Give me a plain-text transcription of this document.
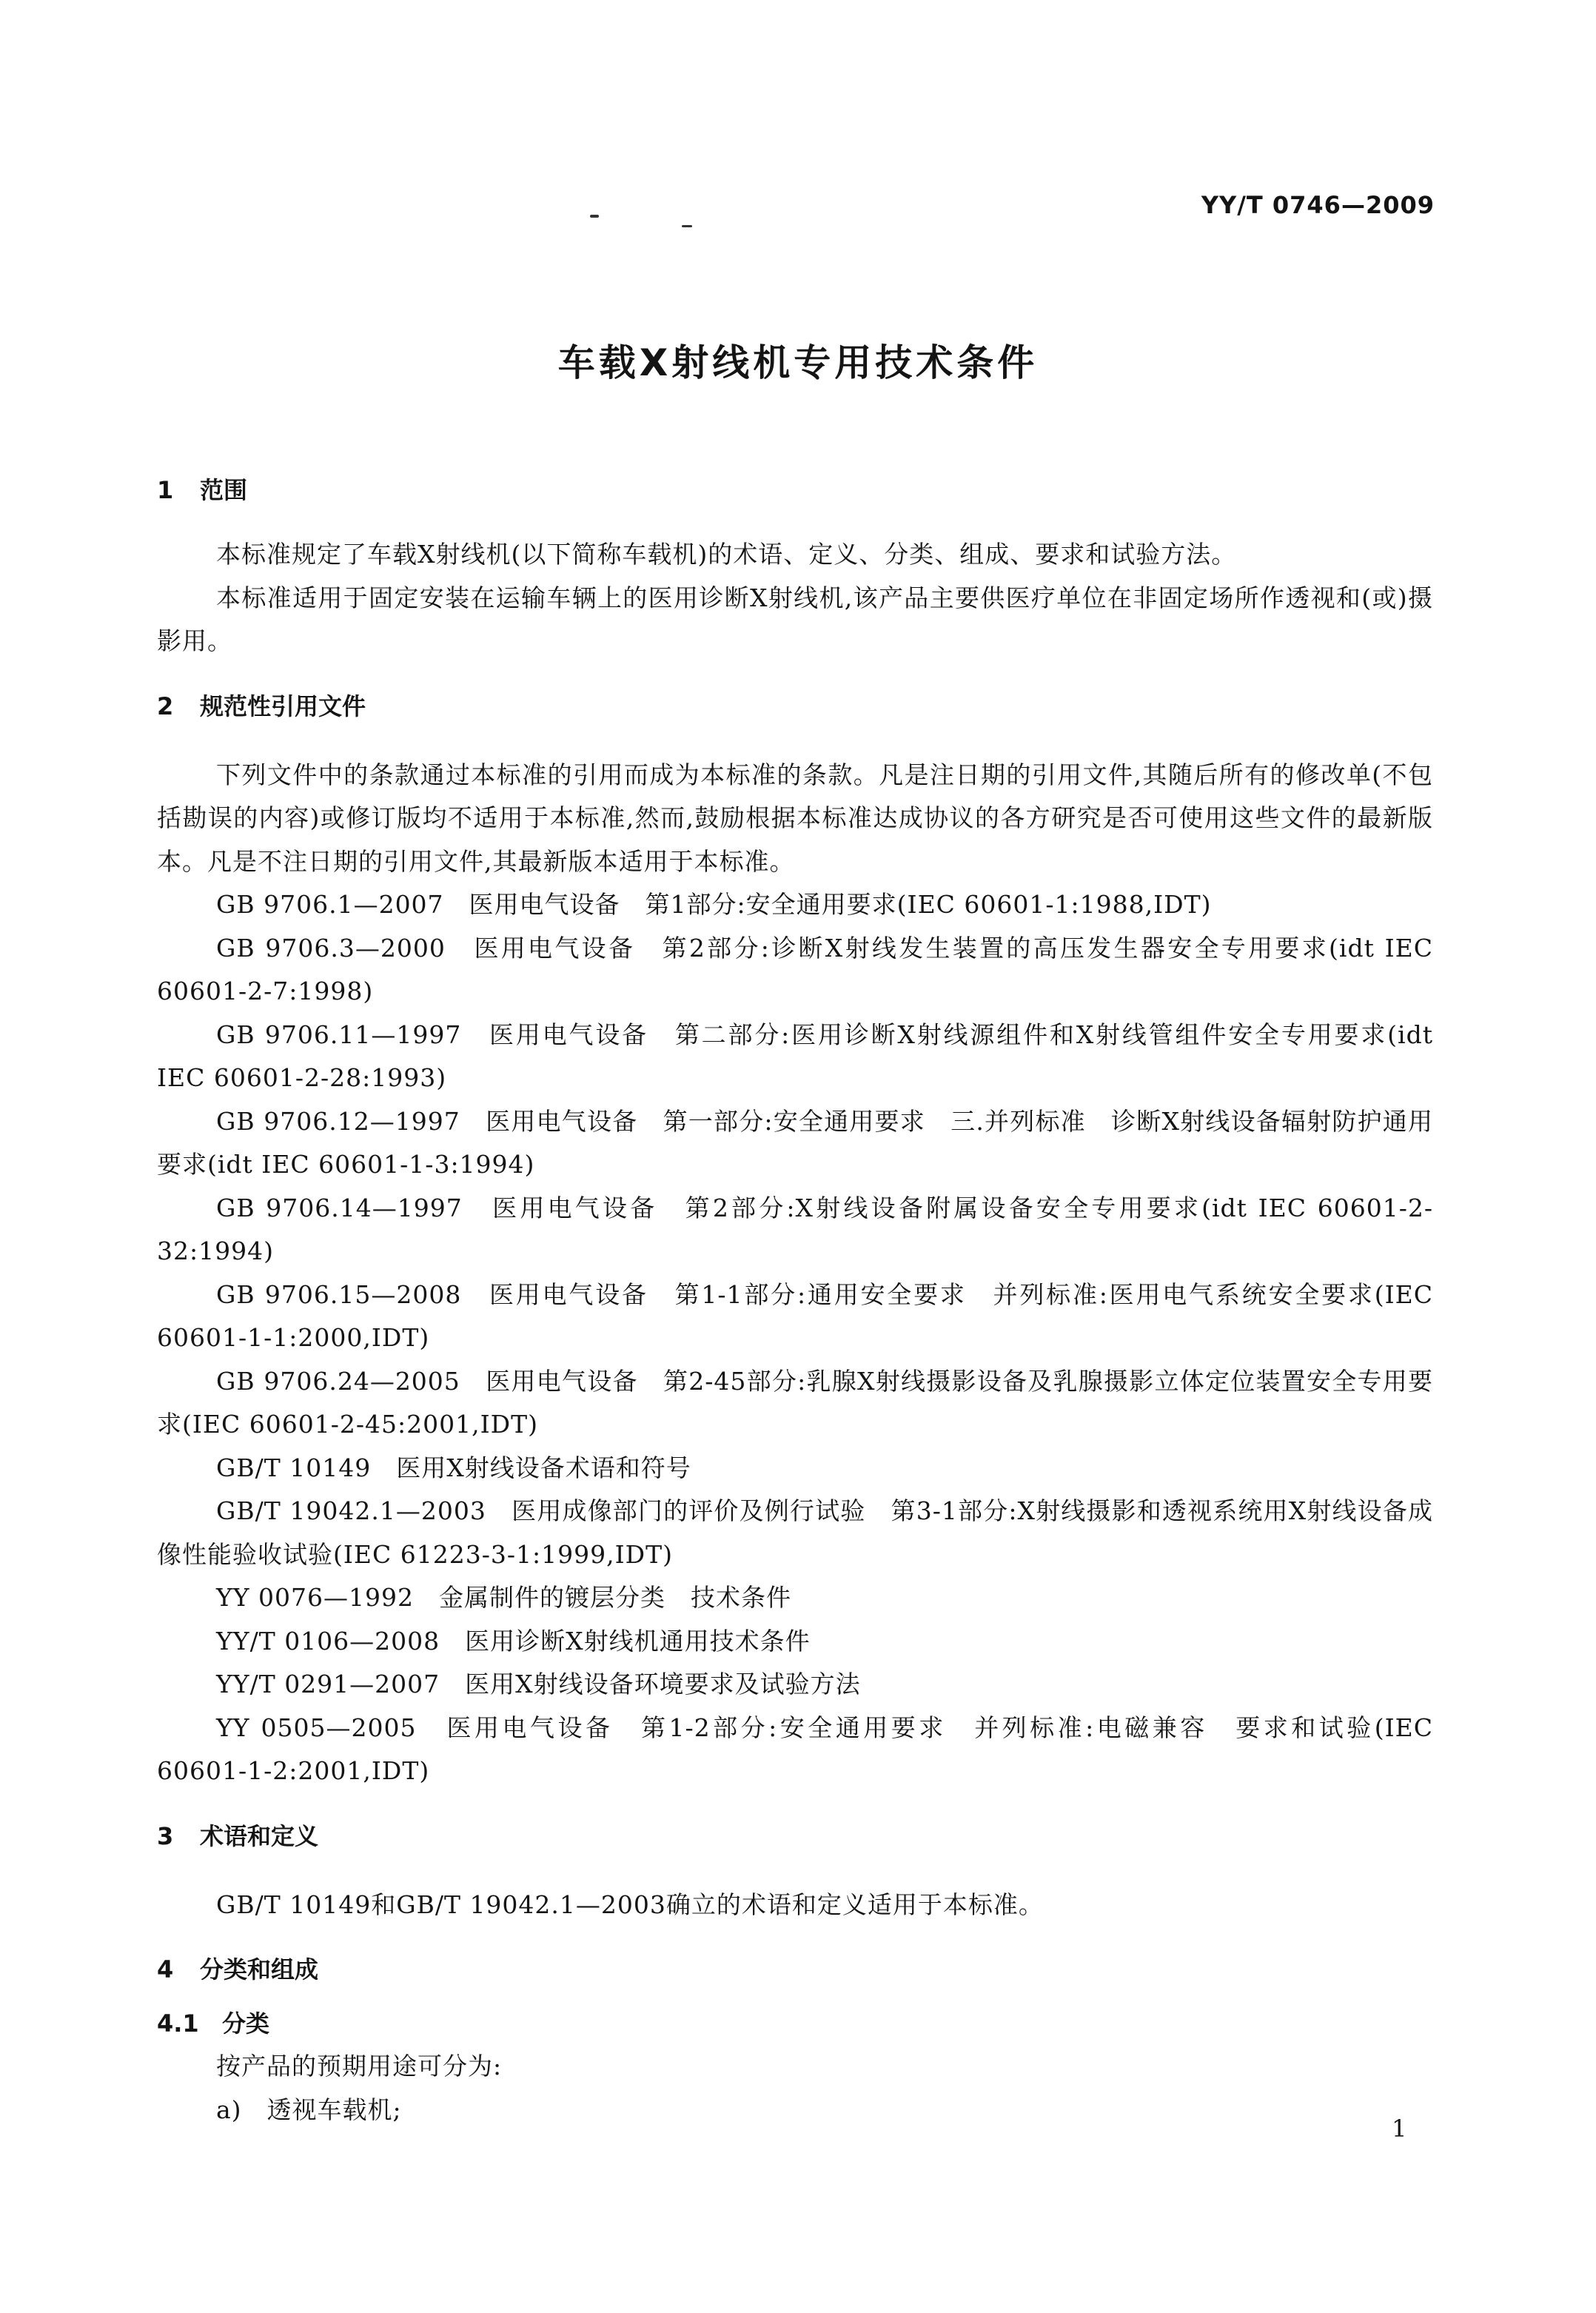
YY/T 0746—2009
车载X射线机专用技术条件
1 范围

本标准规定了车载X射线机(以下简称车载机)的术语、定义、分类、组成、要求和试验方法。

本标准适用于固定安装在运输车辆上的医用诊断X射线机,该产品主要供医疗单位在非固定场所作透视和(或)摄影用。

2 规范性引用文件

下列文件中的条款通过本标准的引用而成为本标准的条款。凡是注日期的引用文件,其随后所有的修改单(不包括勘误的内容)或修订版均不适用于本标准,然而,鼓励根据本标准达成协议的各方研究是否可使用这些文件的最新版本。凡是不注日期的引用文件,其最新版本适用于本标准。

GB 9706.1—2007　医用电气设备　第1部分:安全通用要求(IEC 60601-1:1988,IDT)

GB 9706.3—2000　医用电气设备　第2部分:诊断X射线发生装置的高压发生器安全专用要求(idt IEC 60601-2-7:1998)

GB 9706.11—1997　医用电气设备　第二部分:医用诊断X射线源组件和X射线管组件安全专用要求(idt IEC 60601-2-28:1993)

GB 9706.12—1997　医用电气设备　第一部分:安全通用要求　三.并列标准　诊断X射线设备辐射防护通用要求(idt IEC 60601-1-3:1994)

GB 9706.14—1997　医用电气设备　第2部分:X射线设备附属设备安全专用要求(idt IEC 60601-2-32:1994)

GB 9706.15—2008　医用电气设备　第1-1部分:通用安全要求　并列标准:医用电气系统安全要求(IEC 60601-1-1:2000,IDT)

GB 9706.24—2005　医用电气设备　第2-45部分:乳腺X射线摄影设备及乳腺摄影立体定位装置安全专用要求(IEC 60601-2-45:2001,IDT)

GB/T 10149　医用X射线设备术语和符号

GB/T 19042.1—2003　医用成像部门的评价及例行试验　第3-1部分:X射线摄影和透视系统用X射线设备成像性能验收试验(IEC 61223-3-1:1999,IDT)

YY 0076—1992　金属制件的镀层分类　技术条件

YY/T 0106—2008　医用诊断X射线机通用技术条件

YY/T 0291—2007　医用X射线设备环境要求及试验方法

YY 0505—2005　医用电气设备　第1-2部分:安全通用要求　并列标准:电磁兼容　要求和试验(IEC 60601-1-2:2001,IDT)

3 术语和定义

GB/T 10149和GB/T 19042.1—2003确立的术语和定义适用于本标准。

4 分类和组成
4.1 分类

按产品的预期用途可分为:

a)　透视车载机;

1
